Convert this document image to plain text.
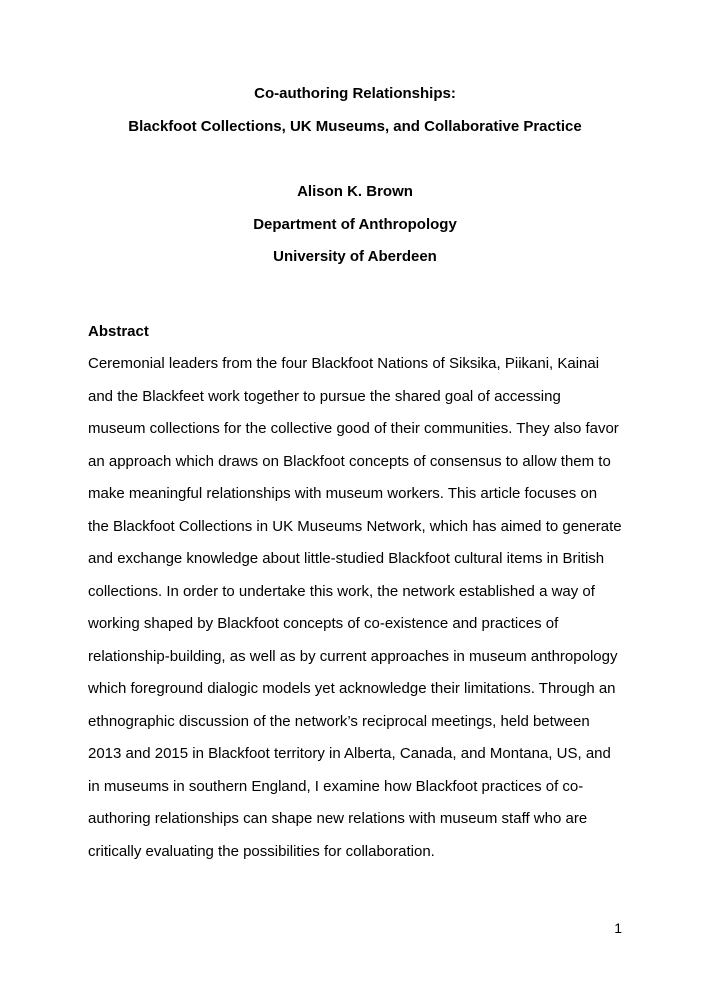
Co-authoring Relationships:
Blackfoot Collections, UK Museums, and Collaborative Practice
Alison K. Brown
Department of Anthropology
University of Aberdeen
Abstract

Ceremonial leaders from the four Blackfoot Nations of Siksika, Piikani, Kainai and the Blackfeet work together to pursue the shared goal of accessing museum collections for the collective good of their communities. They also favor an approach which draws on Blackfoot concepts of consensus to allow them to make meaningful relationships with museum workers. This article focuses on the Blackfoot Collections in UK Museums Network, which has aimed to generate and exchange knowledge about little-studied Blackfoot cultural items in British collections. In order to undertake this work, the network established a way of working shaped by Blackfoot concepts of co-existence and practices of relationship-building, as well as by current approaches in museum anthropology which foreground dialogic models yet acknowledge their limitations. Through an ethnographic discussion of the network’s reciprocal meetings, held between 2013 and 2015 in Blackfoot territory in Alberta, Canada, and Montana, US, and in museums in southern England, I examine how Blackfoot practices of co-authoring relationships can shape new relations with museum staff who are critically evaluating the possibilities for collaboration.

1
